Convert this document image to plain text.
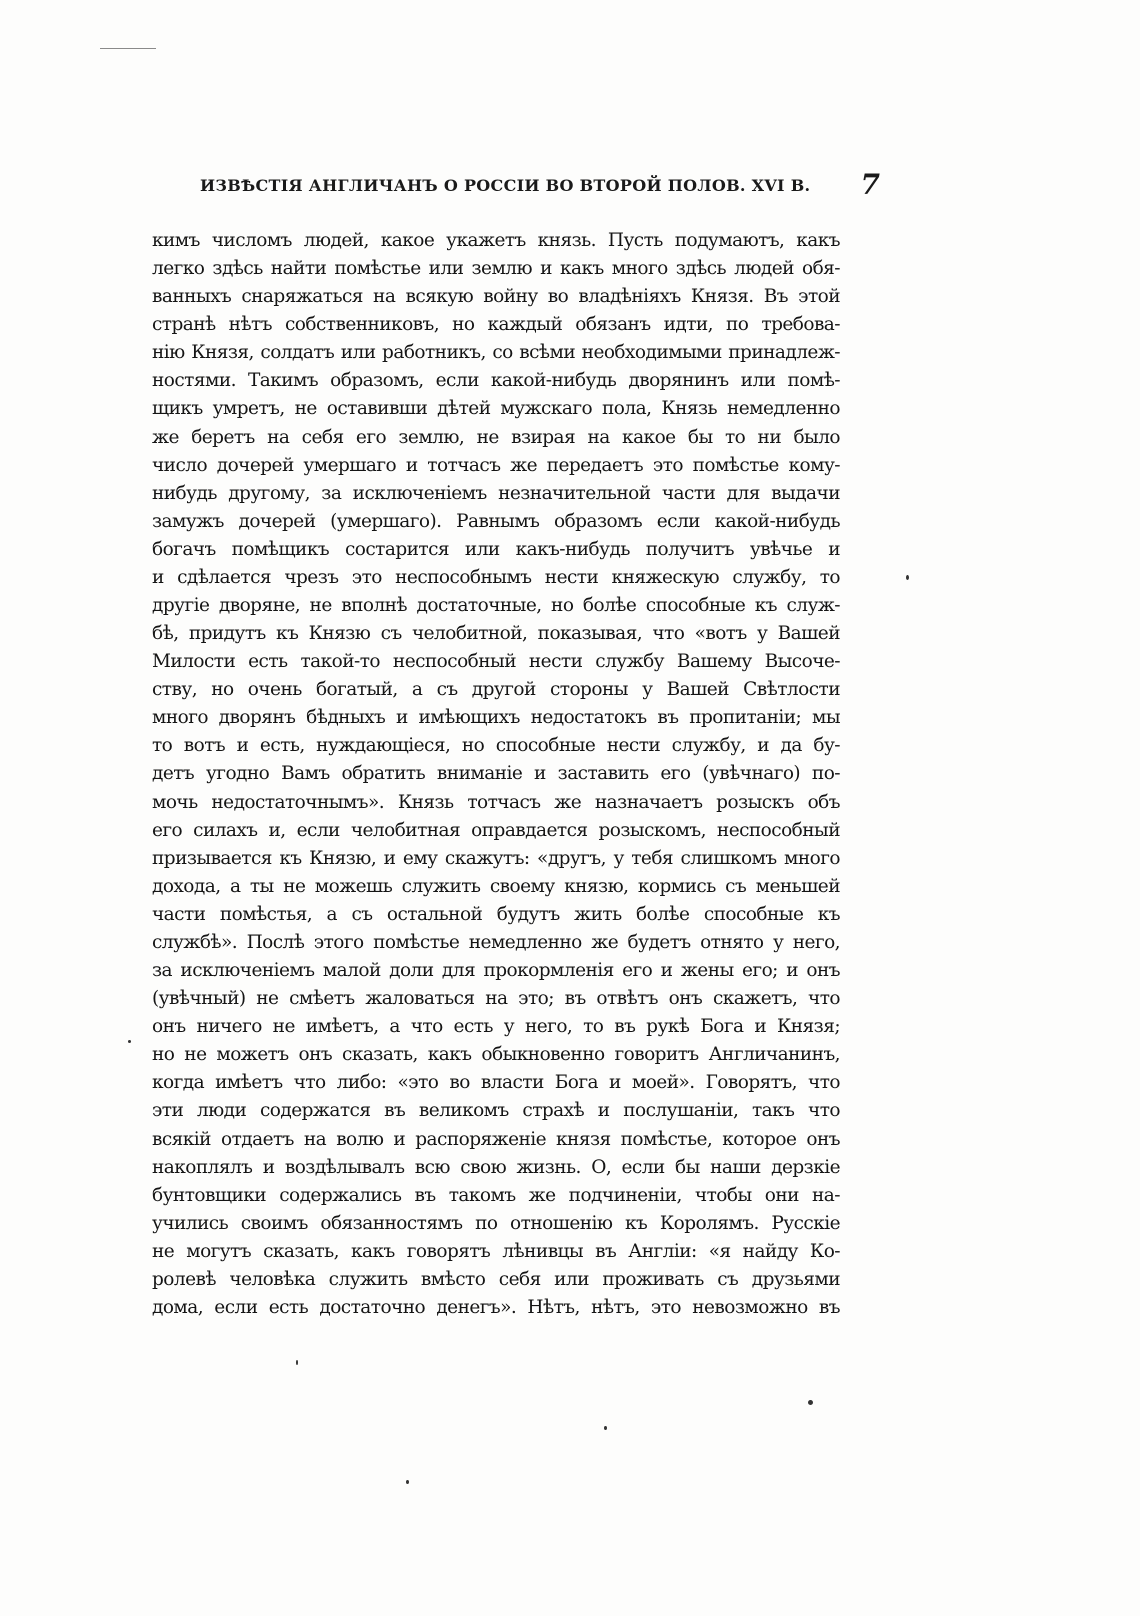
ИЗВѢСТІЯ АНГЛИЧАНЪ О РОССІИ ВО ВТОРОЙ ПОЛОВ. XVI В. 7
кимъ числомъ людей, какое укажетъ князь. Пусть подумаютъ, какъ
легко здѣсь найти помѣстье или землю и какъ много здѣсь людей обя-
ванныхъ снаряжаться на всякую войну во владѣніяхъ Князя. Въ этой
странѣ нѣтъ собственниковъ, но каждый обязанъ идти, по требова-
нію Князя, солдатъ или работникъ, со всѣми необходимыми принадлеж-
ностями. Такимъ образомъ, если какой-нибудь дворянинъ или помѣ-
щикъ умретъ, не оставивши дѣтей мужскаго пола, Князь немедленно
же беретъ на себя его землю, не взирая на какое бы то ни было
число дочерей умершаго и тотчасъ же передаетъ это помѣстье кому-
нибудь другому, за исключеніемъ незначительной части для выдачи
замужъ дочерей (умершаго). Равнымъ образомъ если какой-нибудь
богачъ помѣщикъ состарится или какъ-нибудь получитъ увѣчье и
и сдѣлается чрезъ это неспособнымъ нести княжескую службу, то
другіе дворяне, не вполнѣ достаточные, но болѣе способные къ служ-
бѣ, придутъ къ Князю съ челобитной, показывая, что «вотъ у Вашей
Милости есть такой-то неспособный нести службу Вашему Высоче-
ству, но очень богатый, а съ другой стороны у Вашей Свѣтлости
много дворянъ бѣдныхъ и имѣющихъ недостатокъ въ пропитаніи; мы
то вотъ и есть, нуждающіеся, но способные нести службу, и да бу-
детъ угодно Вамъ обратить вниманіе и заставить его (увѣчнаго) по-
мочь недостаточнымъ». Князь тотчасъ же назначаетъ розыскъ объ
его силахъ и, если челобитная оправдается розыскомъ, неспособный
призывается къ Князю, и ему скажутъ: «другъ, у тебя слишкомъ много
дохода, а ты не можешь служить своему князю, кормись съ меньшей
части помѣстья, а съ остальной будутъ жить болѣе способные къ
службѣ». Послѣ этого помѣстье немедленно же будетъ отнято у него,
за исключеніемъ малой доли для прокормленія его и жены его; и онъ
(увѣчный) не смѣетъ жаловаться на это; въ отвѣтъ онъ скажетъ, что
онъ ничего не имѣетъ, а что есть у него, то въ рукѣ Бога и Князя;
но не можетъ онъ сказать, какъ обыкновенно говоритъ Англичанинъ,
когда имѣетъ что либо: «это во власти Бога и моей». Говорятъ, что
эти люди содержатся въ великомъ страхѣ и послушаніи, такъ что
всякій отдаетъ на волю и распоряженіе князя помѣстье, которое онъ
накоплялъ и воздѣлывалъ всю свою жизнь. О, если бы наши дерзкіе
бунтовщики содержались въ такомъ же подчиненіи, чтобы они на-
учились своимъ обязанностямъ по отношенію къ Королямъ. Русскіе
не могутъ сказать, какъ говорятъ лѣнивцы въ Англіи: «я найду Ко-
ролевѣ человѣка служить вмѣсто себя или проживать съ друзьями
дома, если есть достаточно денегъ». Нѣтъ, нѣтъ, это невозможно въ
